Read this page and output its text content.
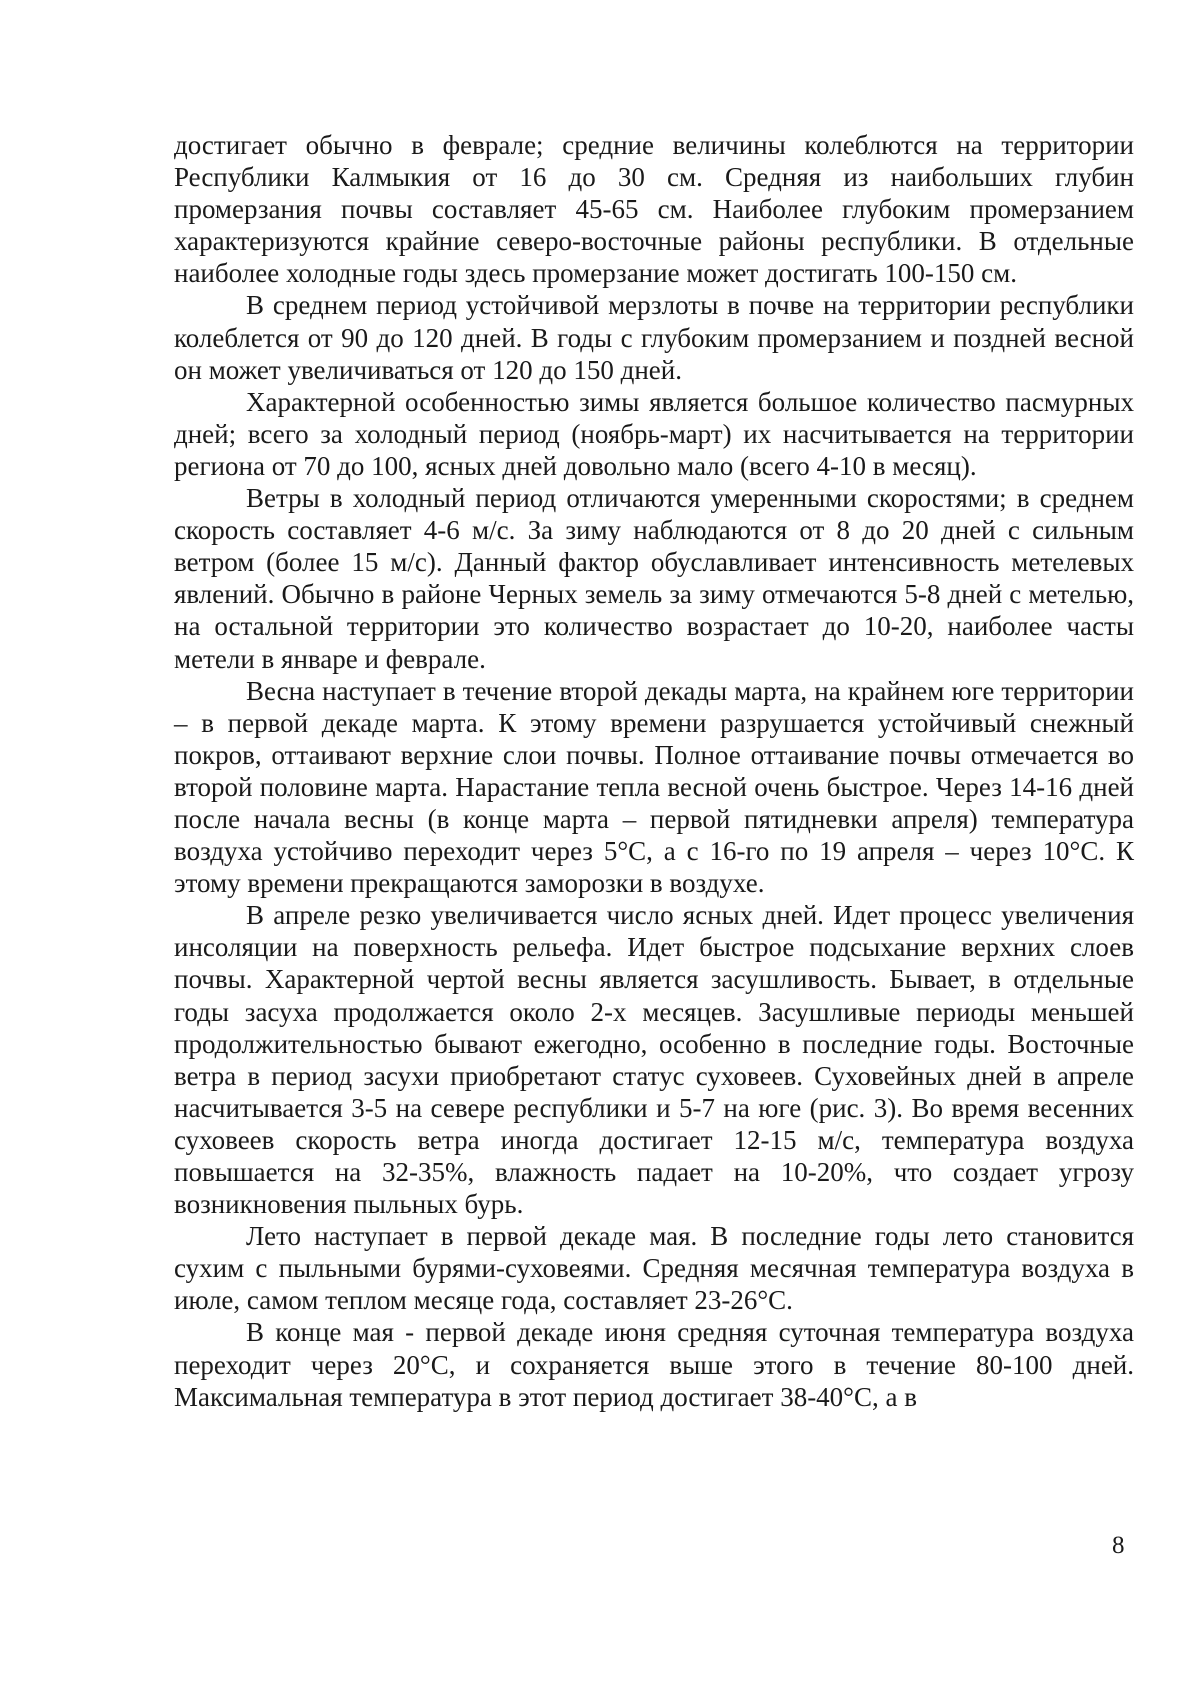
достигает обычно в феврале; средние величины колеблются на территории Республики Калмыкия от 16 до 30 см. Средняя из наибольших глубин промерзания почвы составляет 45-65 см. Наиболее глубоким промерзанием характеризуются крайние северо-восточные районы республики. В отдельные наиболее холодные годы здесь промерзание может достигать 100-150 см.

В среднем период устойчивой мерзлоты в почве на территории республики колеблется от 90 до 120 дней. В годы с глубоким промерзанием и поздней весной он может увеличиваться от 120 до 150 дней.

Характерной особенностью зимы является большое количество пасмурных дней; всего за холодный период (ноябрь-март) их насчитывается на территории региона от 70 до 100, ясных дней довольно мало (всего 4-10 в месяц).

Ветры в холодный период отличаются умеренными скоростями; в среднем скорость составляет 4-6 м/с. За зиму наблюдаются от 8 до 20 дней с сильным ветром (более 15 м/с). Данный фактор обуславливает интенсивность метелевых явлений. Обычно в районе Черных земель за зиму отмечаются 5-8 дней с метелью, на остальной территории это количество возрастает до 10-20, наиболее часты метели в январе и феврале.

Весна наступает в течение второй декады марта, на крайнем юге территории – в первой декаде марта. К этому времени разрушается устойчивый снежный покров, оттаивают верхние слои почвы. Полное оттаивание почвы отмечается во второй половине марта. Нарастание тепла весной очень быстрое. Через 14-16 дней после начала весны (в конце марта – первой пятидневки апреля) температура воздуха устойчиво переходит через 5°С, а с 16-го по 19 апреля – через 10°С. К этому времени прекращаются заморозки в воздухе.

В апреле резко увеличивается число ясных дней. Идет процесс увеличения инсоляции на поверхность рельефа. Идет быстрое подсыхание верхних слоев почвы. Характерной чертой весны является засушливость. Бывает, в отдельные годы засуха продолжается около 2-х месяцев. Засушливые периоды меньшей продолжительностью бывают ежегодно, особенно в последние годы. Восточные ветра в период засухи приобретают статус суховеев. Суховейных дней в апреле насчитывается 3-5 на севере республики и 5-7 на юге (рис. 3). Во время весенних суховеев скорость ветра иногда достигает 12-15 м/с, температура воздуха повышается на 32-35%, влажность падает на 10-20%, что создает угрозу возникновения пыльных бурь.

Лето наступает в первой декаде мая. В последние годы лето становится сухим с пыльными бурями-суховеями. Средняя месячная температура воздуха в июле, самом теплом месяце года, составляет 23-26°С.

В конце мая - первой декаде июня средняя суточная температура воздуха переходит через 20°С, и сохраняется выше этого в течение 80-100 дней. Максимальная температура в этот период достигает 38-40°С, а в

8
